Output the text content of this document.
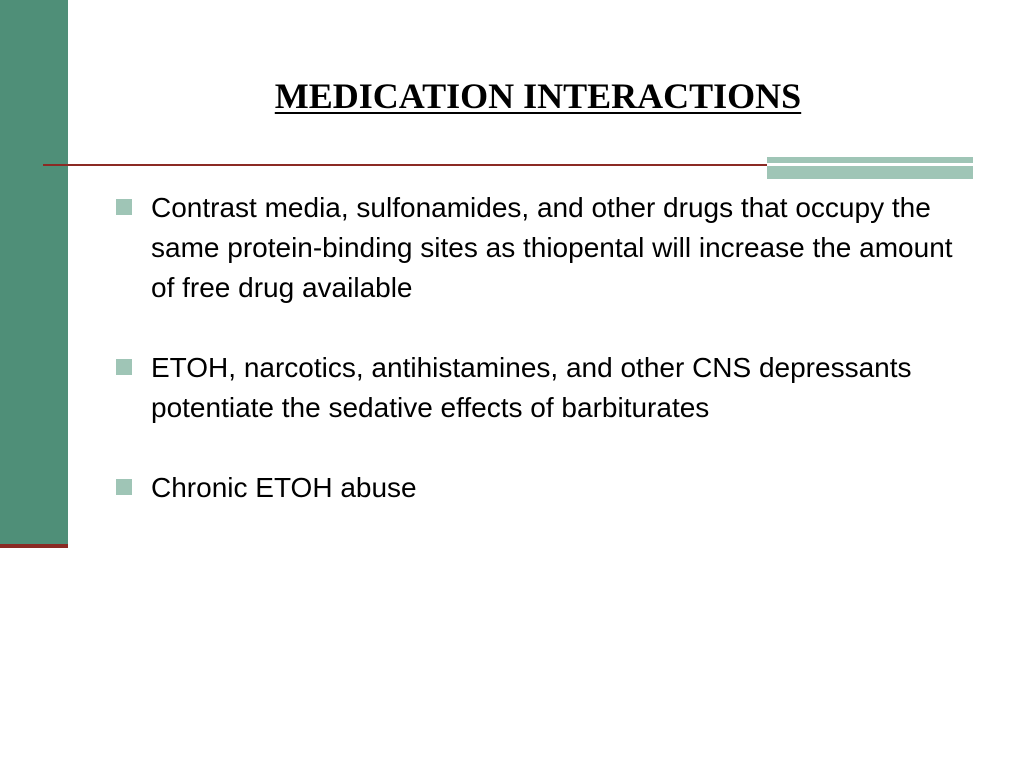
MEDICATION INTERACTIONS
Contrast media, sulfonamides, and other drugs that occupy the same protein-binding sites as thiopental will increase the amount of free drug available
ETOH, narcotics, antihistamines, and other CNS depressants potentiate the sedative effects of barbiturates
Chronic ETOH abuse
